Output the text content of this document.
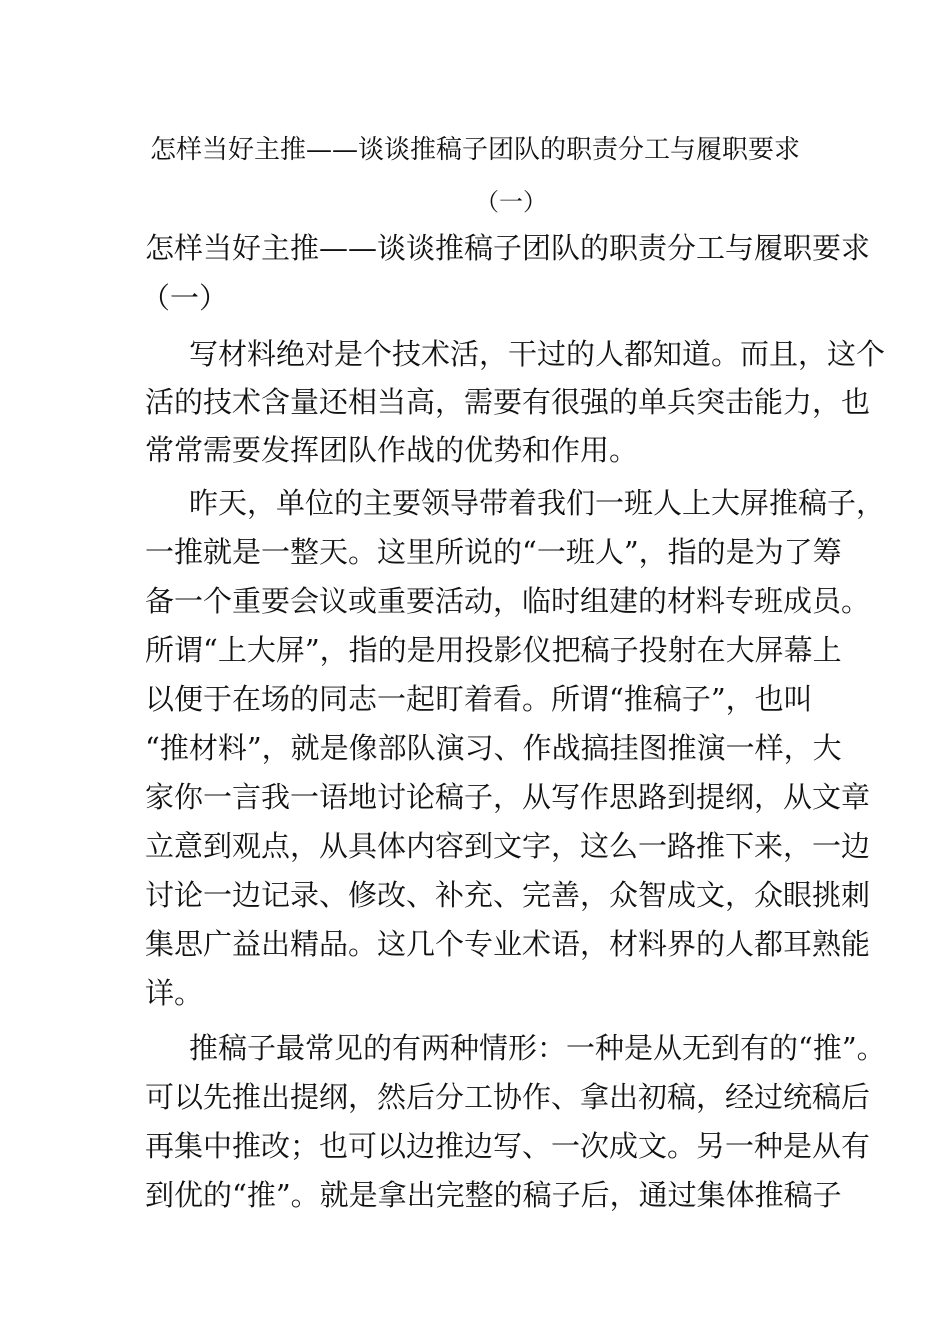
怎样当好主推——谈谈推稿子团队的职责分工与履职要求
（一）
怎样当好主推——谈谈推稿子团队的职责分工与履职要求
（一）
写材料绝对是个技术活，干过的人都知道。而且，这个
活的技术含量还相当高，需要有很强的单兵突击能力，也
常常需要发挥团队作战的优势和作用。
昨天，单位的主要领导带着我们一班人上大屏推稿子，
一推就是一整天。这里所说的“一班人”，指的是为了筹
备一个重要会议或重要活动，临时组建的材料专班成员。
所谓“上大屏”，指的是用投影仪把稿子投射在大屏幕上
以便于在场的同志一起盯着看。所谓“推稿子”，也叫
“推材料”，就是像部队演习、作战搞挂图推演一样，大
家你一言我一语地讨论稿子，从写作思路到提纲，从文章
立意到观点，从具体内容到文字，这么一路推下来，一边
讨论一边记录、修改、补充、完善，众智成文，众眼挑刺
集思广益出精品。这几个专业术语，材料界的人都耳熟能
详。
推稿子最常见的有两种情形：一种是从无到有的“推”。
可以先推出提纲，然后分工协作、拿出初稿，经过统稿后
再集中推改；也可以边推边写、一次成文。另一种是从有
到优的“推”。就是拿出完整的稿子后，通过集体推稿子
